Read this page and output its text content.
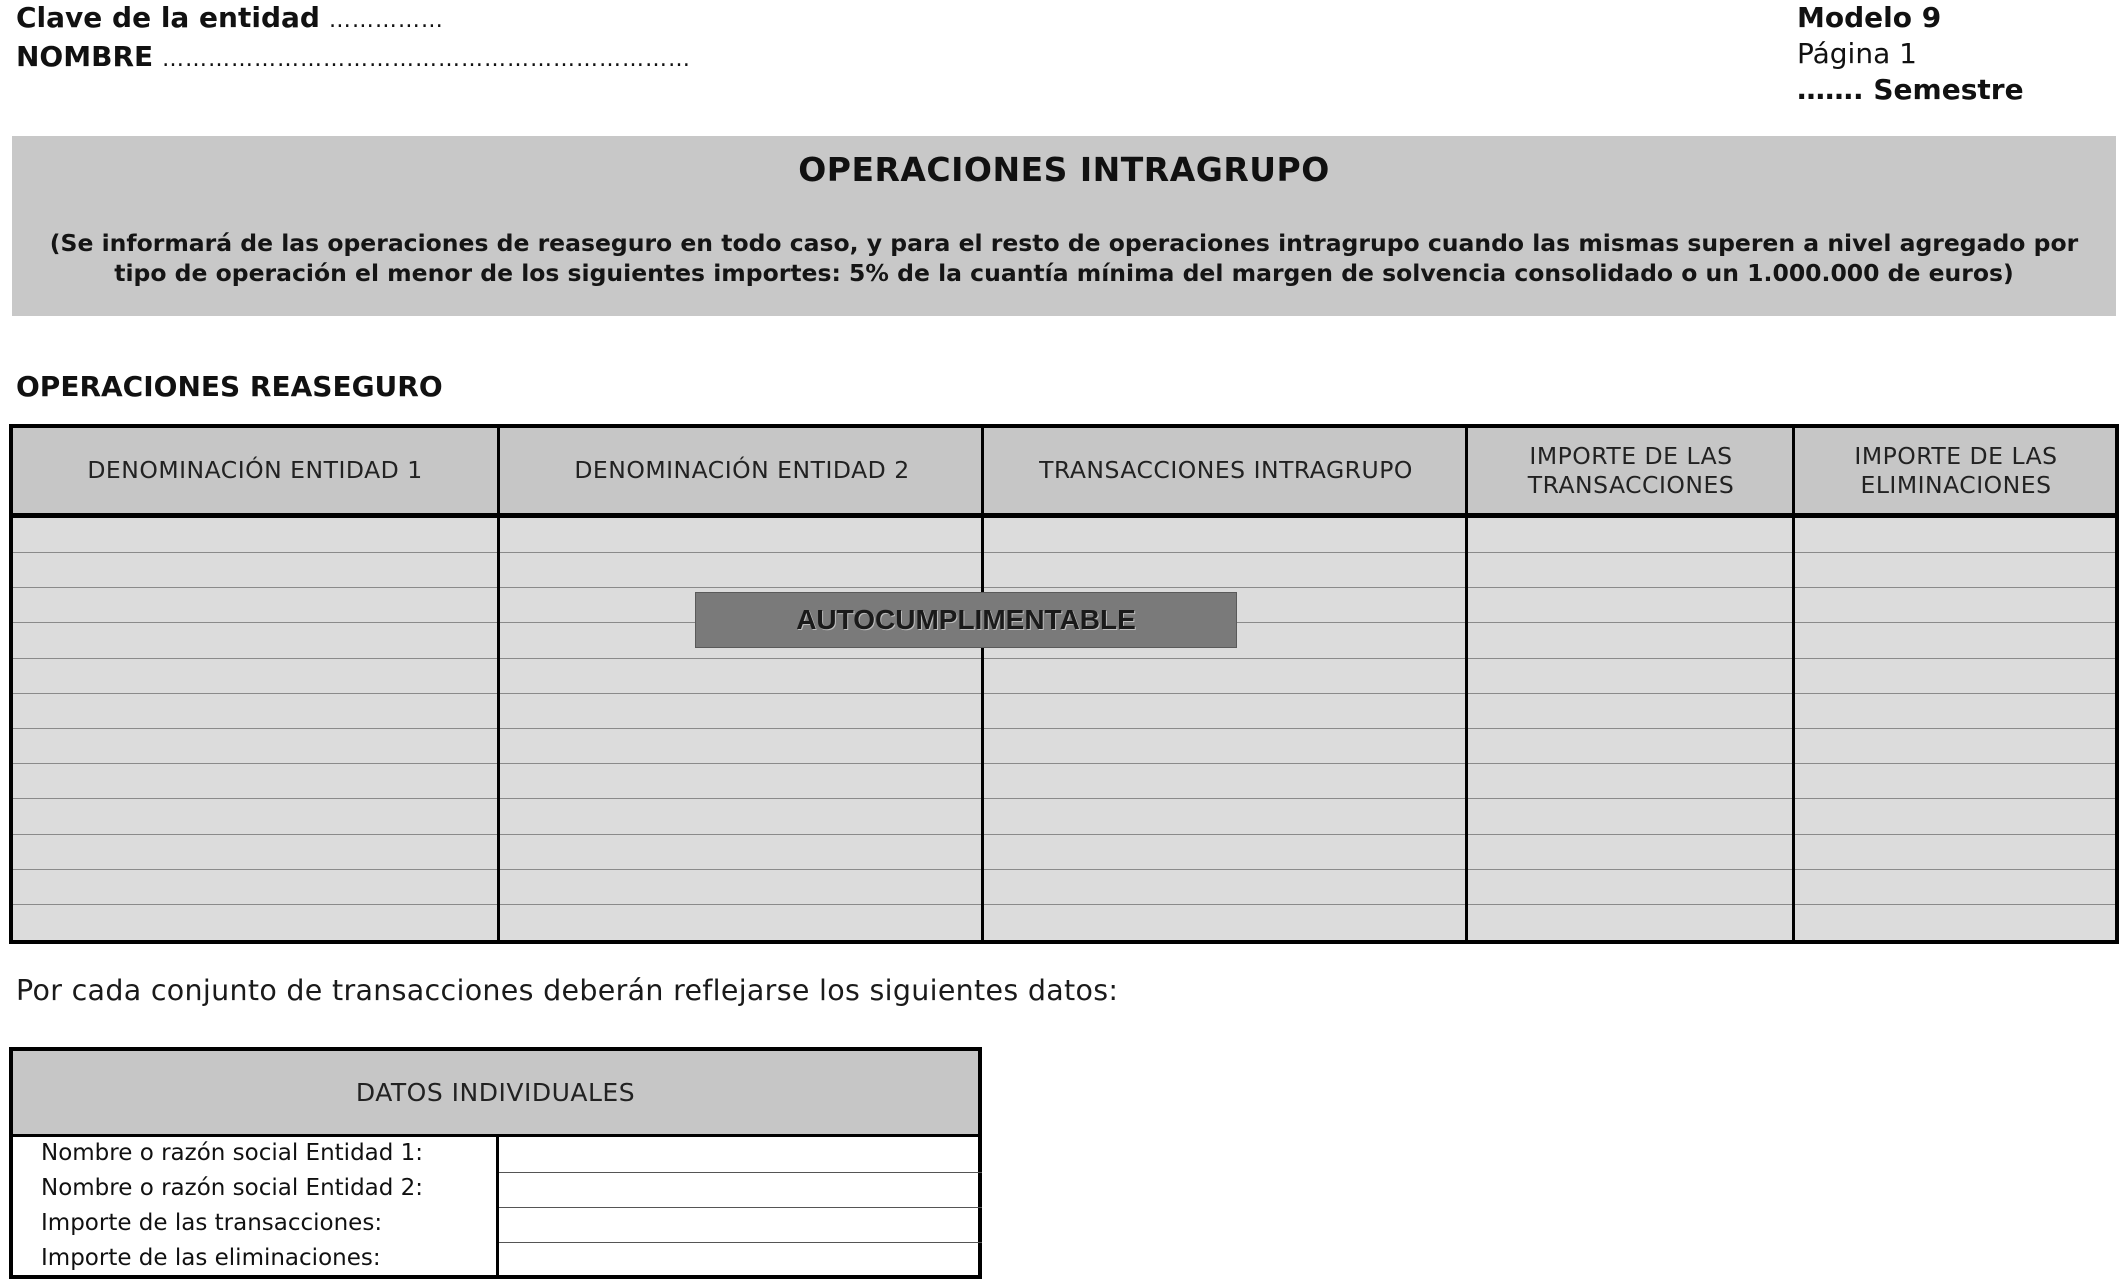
Clave de la entidad ……………
NOMBRE ……………………………………………………………
Modelo 9
Página 1
……. Semestre
OPERACIONES INTRAGRUPO
(Se informará de las operaciones de reaseguro en todo caso, y para el resto de operaciones intragrupo cuando las mismas superen a nivel agregado por tipo de operación el menor de los siguientes importes: 5% de la cuantía mínima del margen de solvencia consolidado o un 1.000.000 de euros)
OPERACIONES REASEGURO
DENOMINACIÓN ENTIDAD 1	DENOMINACIÓN ENTIDAD 2	TRANSACCIONES INTRAGRUPO
IMPORTE DE LAS TRANSACCIONES
IMPORTE DE LAS ELIMINACIONES
AUTOCUMPLIMENTABLE
Por cada conjunto de transacciones deberán reflejarse los siguientes datos:
DATOS INDIVIDUALES
Nombre o razón social Entidad 1:
Nombre o razón social Entidad 2:
Importe de las transacciones:
Importe de las eliminaciones:
